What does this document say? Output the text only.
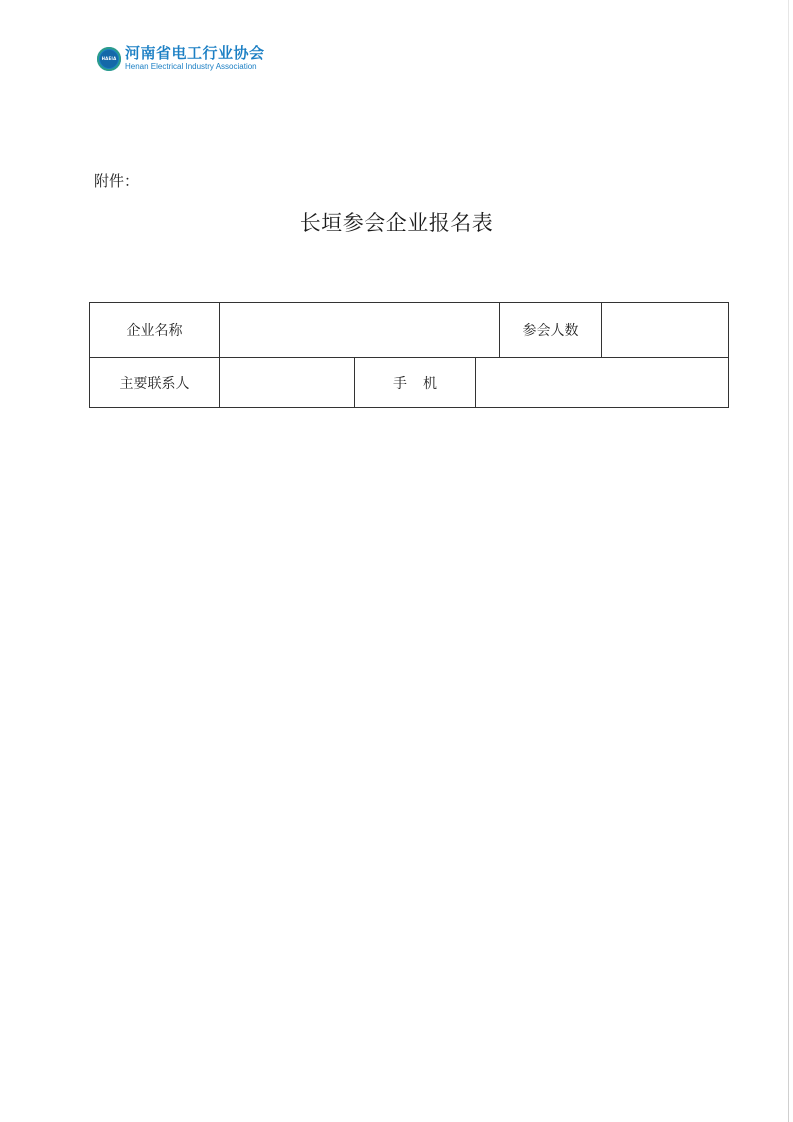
HAEIA 河南省电工行业协会
Henan Electrical Industry Association
附件：
长垣参会企业报名表
企业名称	参会人数
主要联系人	手机
